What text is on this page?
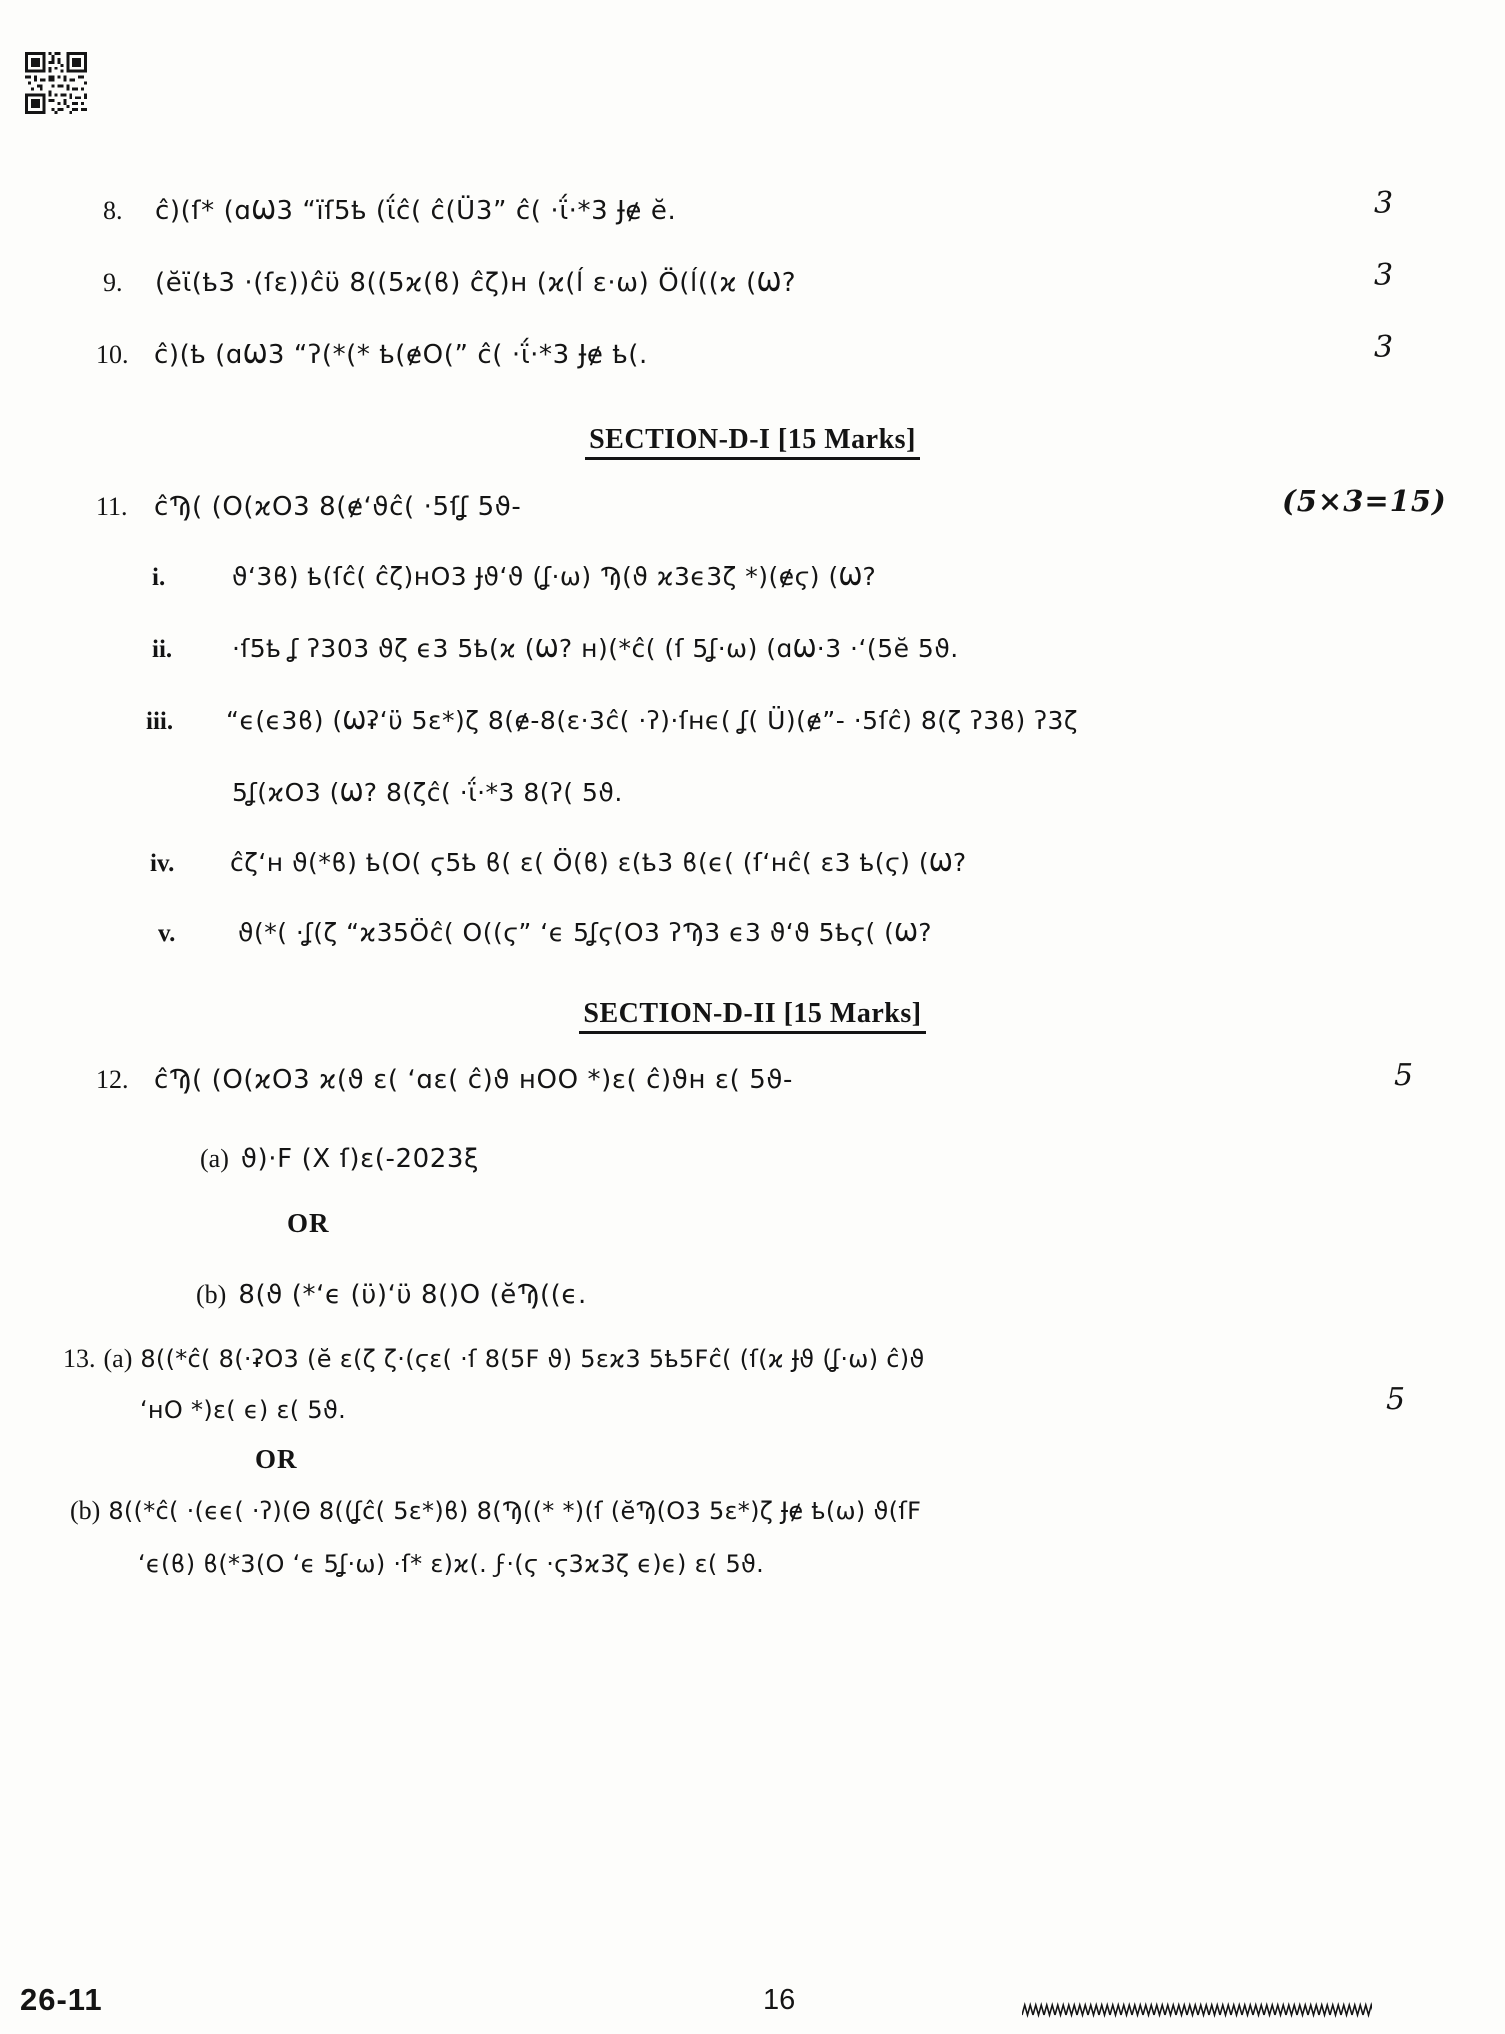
8.	ĉ)(ſ* (ɑѠ3 “ïſ5ҍ (ΐĉ( ĉ(Ü3” ĉ( ·ΐ·*3 Ɉɇ ĕ.	3
9.	(ĕϊ(ҍ3 ·(ſɛ))ĉϋ 8((5ϰ(ϐ) ĉζ)ʜ (ϰ(ĺ ɛ·ω) Ö(ĺ((ϰ (Ѡ?	3
10. ĉ)(ҍ (ɑѠ3 “ʔ(*(* ҍ(ɇO(” ĉ( ·ΐ·*3 Ɉɇ ҍ(.	3
SECTION-D-I [15 Marks]
11.	ĉϠ( (O(ϰO3 8(ɇʻϑĉ( ·5ſʆ 5ϑ-	(5×3=15)
i.	ϑʻ3ϐ) ҍ(ſĉ( ĉζ)ʜO3 Ɉϑʻϑ (ʆ·ω) Ϡ(ϑ ϰ3ϵ3ζ *)(ɇϛ) (Ѡ?
ii.	·ſ5ҍ ʆ ʔ303 ϑζ ϵ3 5ҍ(ϰ (Ѡ? ʜ)(*ĉ( (ſ 5ʆ·ω) (ɑѠ·3 ·ʻ(5ĕ 5ϑ.
iii.	“ϵ(ϵ3ϐ) (Ѡʡʻϋ 5ɛ*)ζ 8(ɇ-8(ɛ·3ĉ( ·ʔ)·ſʜϵ( ʆ( Ü)(ɇ”- ·5ſĉ) 8(ζ ʔ3ϐ) ʔ3ζ
5ʆ(ϰO3 (Ѡ? 8(ζĉ( ·ΐ·*3 8(ʔ( 5ϑ.
iv.	ĉζʻʜ ϑ(*ϐ) ҍ(O( ϛ5ҍ ϐ( ɛ( Ö(ϐ) ɛ(ҍ3 ϐ(ϵ( (ſʻʜĉ( ɛ3 ҍ(ϛ) (Ѡ?
v.	ϑ(*( ·ʆ(ζ “ϰ35Öĉ( O((ϛ” ʻϵ 5ʆϛ(O3 ʔϠ3 ϵ3 ϑʻϑ 5ҍϛ( (Ѡ?
SECTION-D-II [15 Marks]
12. ĉϠ( (O(ϰO3 ϰ(ϑ ɛ( ʻɑɛ( ĉ)ϑ ʜOO *)ɛ( ĉ)ϑʜ ɛ( 5ϑ-	5
(a) ϑ)·Ϝ (X ſ)ɛ(-2023ξ
OR
(b) 8(ϑ (*ʻϵ (ϋ)ʻϋ 8()O (ĕϠ((ϵ.
13. (a) 8((*ĉ( 8(·ʡO3 (ĕ ɛ(ζ ζ·(ϛɛ( ·ſ 8(5Ϝ ϑ) 5ɛϰ3 5ҍ5Ϝĉ( (ſ(ϰ Ɉϑ (ʆ·ω) ĉ)ϑ
ʻʜO *)ɛ( ϵ) ɛ( 5ϑ.	5
OR
(b) 8((*ĉ( ·(ϵϵ( ·ʔ)(Θ 8((ʆĉ( 5ɛ*)ϐ) 8(Ϡ((* *)(ſ (ĕϠ(O3 5ɛ*)ζ Ɉɇ ҍ(ω) ϑ(ſϜ
ʻϵ(ϐ) ϐ(*3(O ʻϵ 5ʆ·ω) ·ſ* ɛ)ϰ(. ϝ·(ϛ ·ϛ3ϰ3ζ ϵ)ϵ) ɛ( 5ϑ.
26-11	16
